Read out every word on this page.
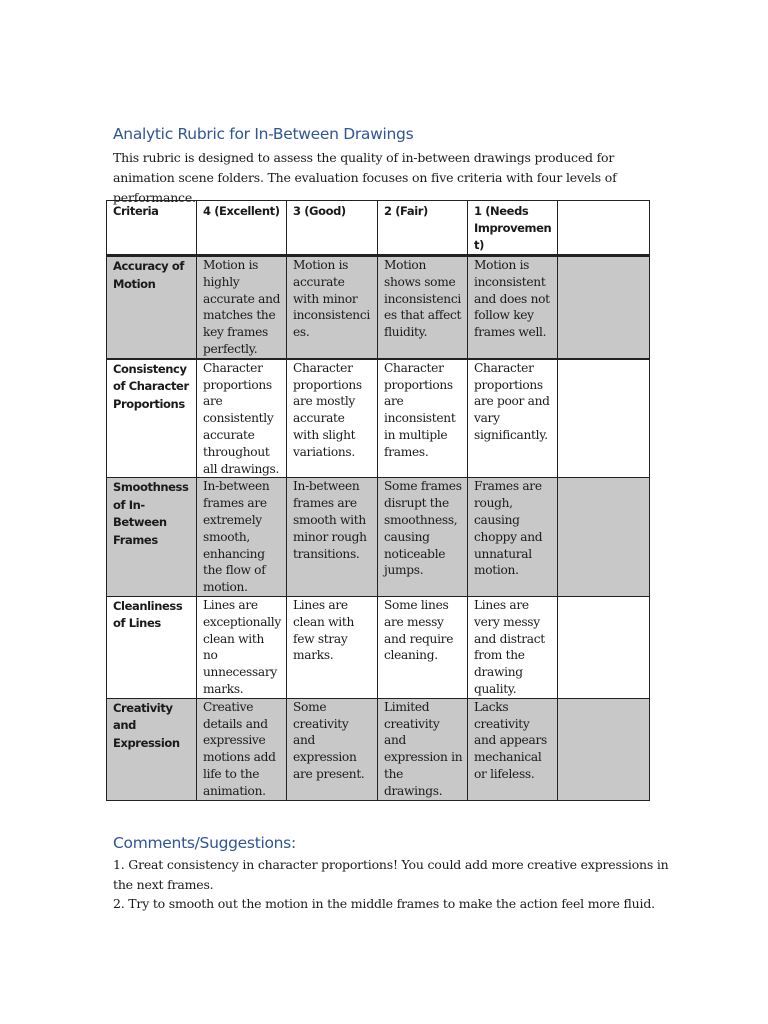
Analytic Rubric for In-Between Drawings
This rubric is designed to assess the quality of in-between drawings produced for animation scene folders. The evaluation focuses on five criteria with four levels of performance.
Criteria	4 (Excellent)	3 (Good)	2 (Fair)	1 (Needs Improvement)	
Accuracy of Motion	Motion is highly accurate and matches the key frames perfectly.	Motion is accurate with minor inconsistencies.	Motion shows some inconsistencies that affect fluidity.	Motion is inconsistent and does not follow key frames well.	
Consistency of Character Proportions	Character proportions are consistently accurate throughout all drawings.	Character proportions are mostly accurate with slight variations.	Character proportions are inconsistent in multiple frames.	Character proportions are poor and vary significantly.	
Smoothness of In-Between Frames	In-between frames are extremely smooth, enhancing the flow of motion.	In-between frames are smooth with minor rough transitions.	Some frames disrupt the smoothness, causing noticeable jumps.	Frames are rough, causing choppy and unnatural motion.	
Cleanliness of Lines	Lines are exceptionally clean with no unnecessary marks.	Lines are clean with few stray marks.	Some lines are messy and require cleaning.	Lines are very messy and distract from the drawing quality.	
Creativity and Expression	Creative details and expressive motions add life to the animation.	Some creativity and expression are present.	Limited creativity and expression in the drawings.	Lacks creativity and appears mechanical or lifeless.	
Comments/Suggestions:
1. Great consistency in character proportions! You could add more creative expressions in the next frames.
2. Try to smooth out the motion in the middle frames to make the action feel more fluid.
